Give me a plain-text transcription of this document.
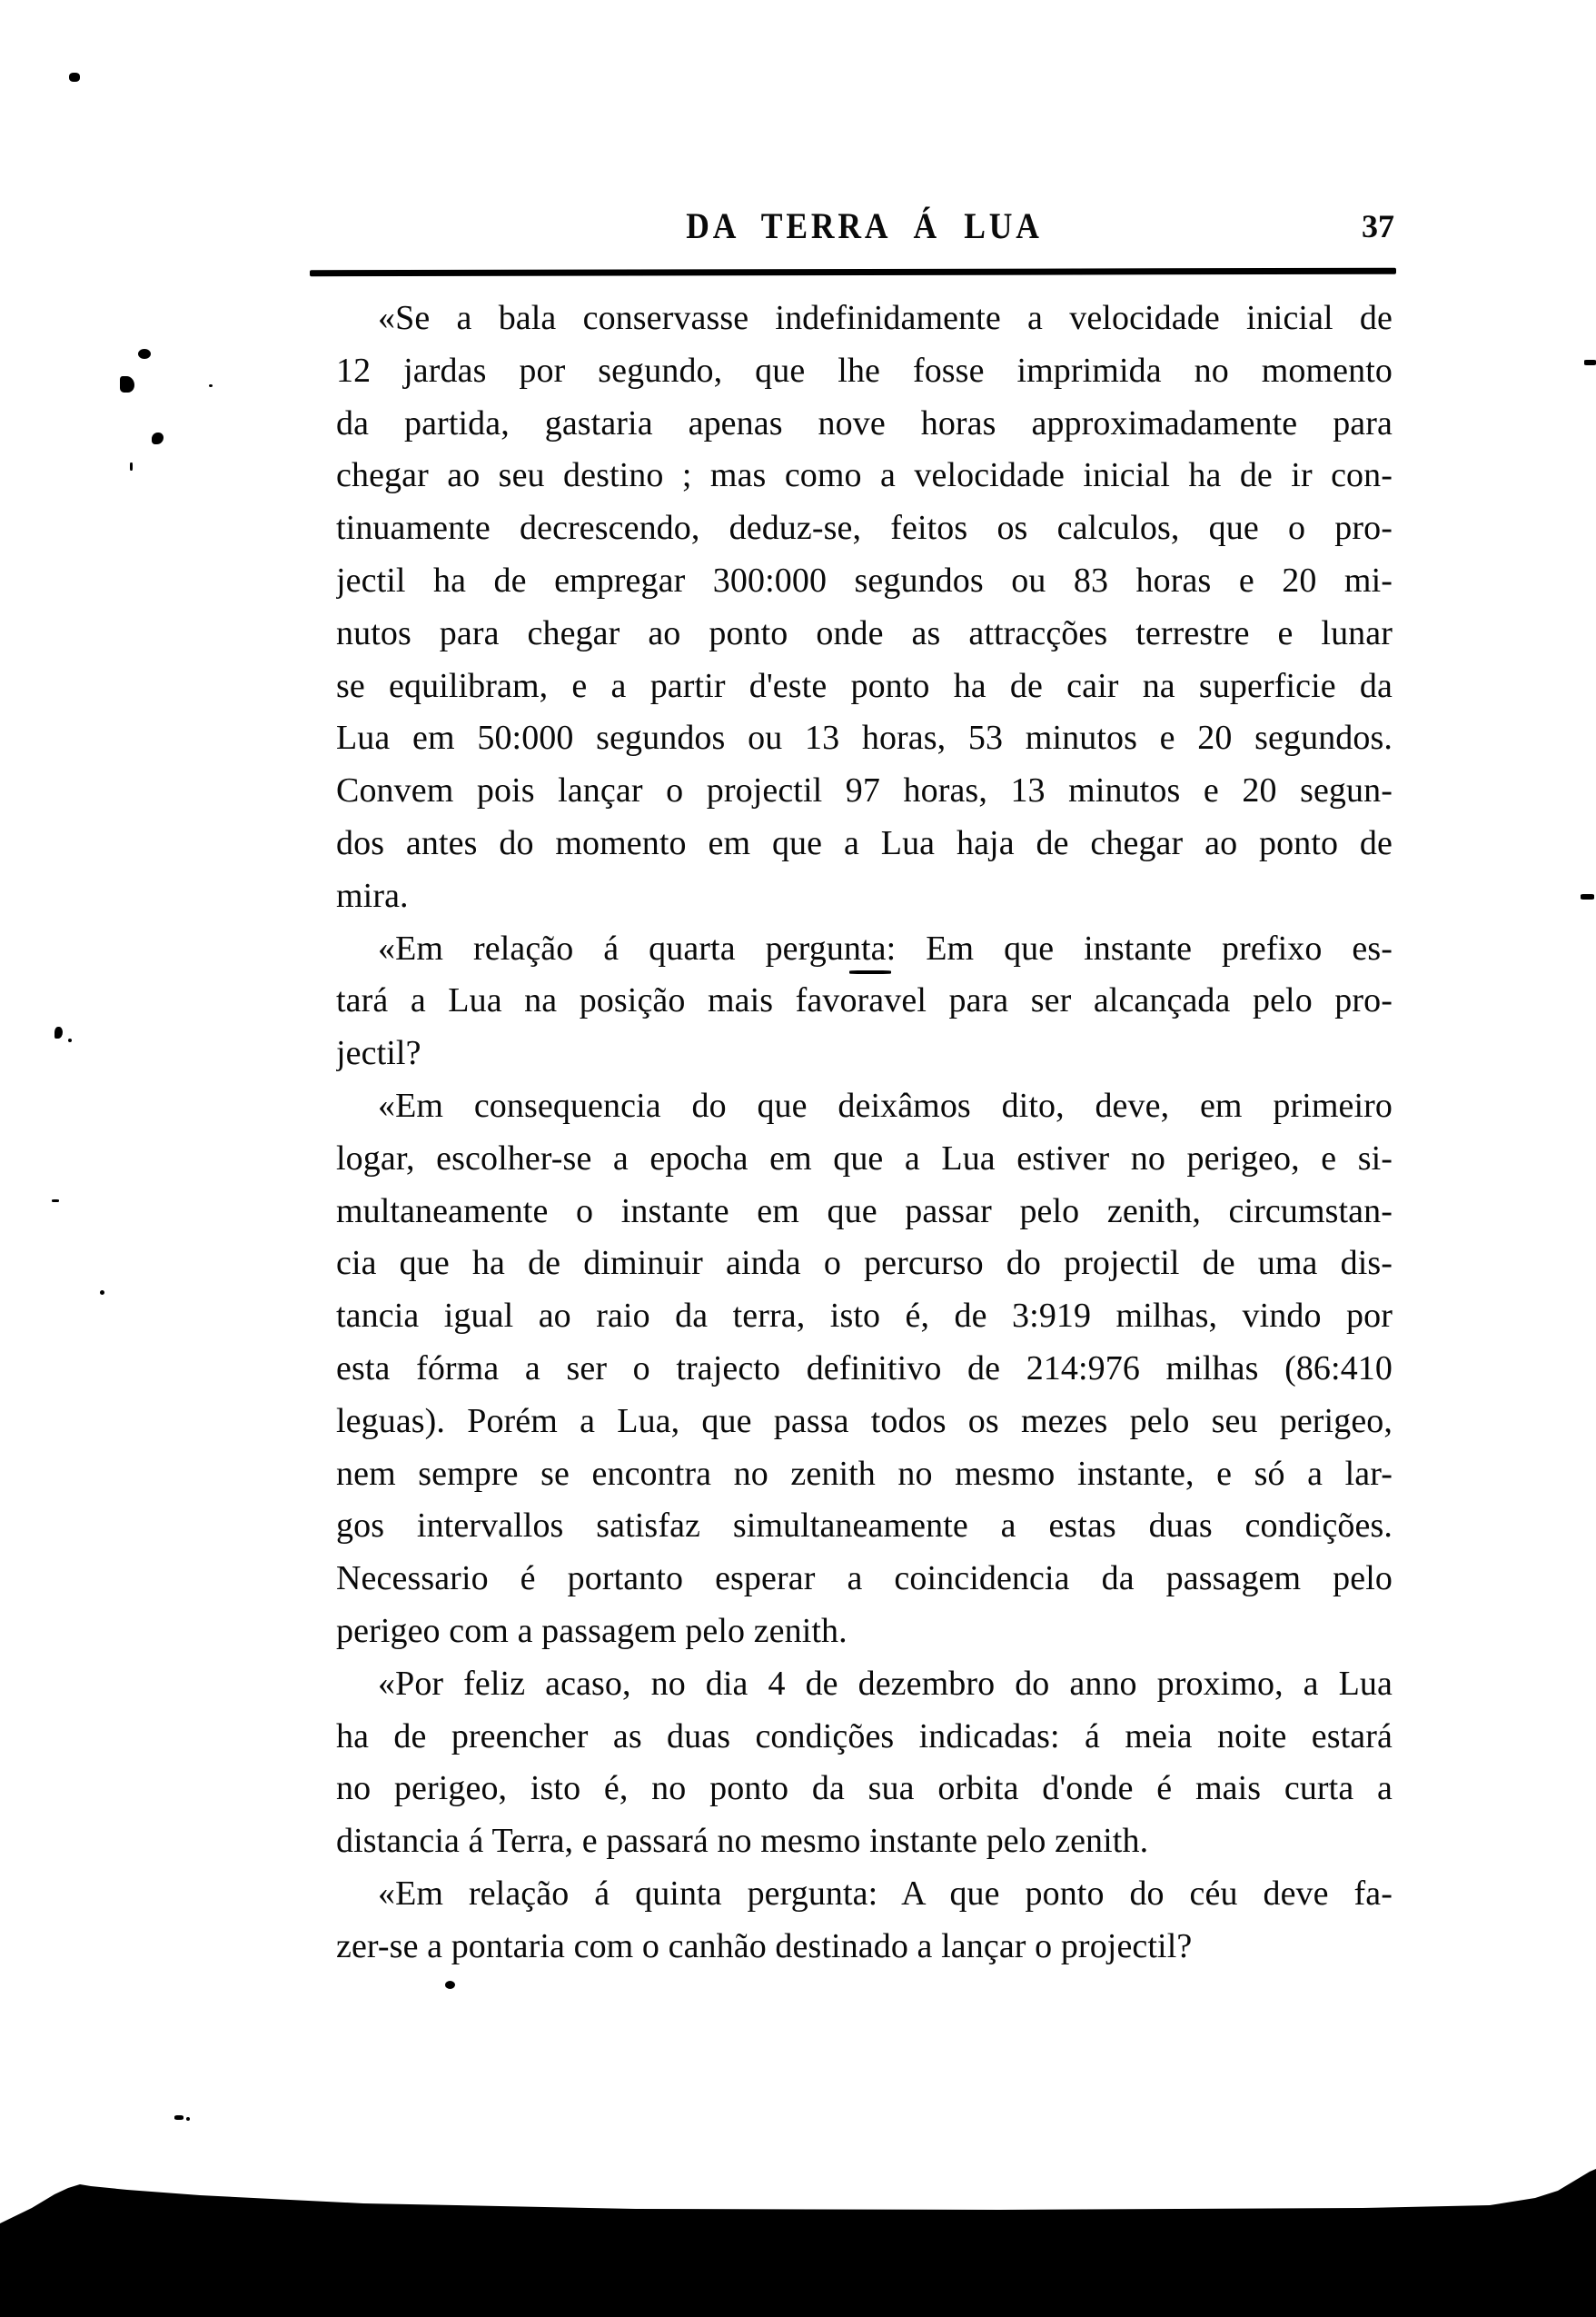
DA TERRA Á LUA	37
«Se a bala conservasse indefinidamente a velocidade inicial de
12 jardas por segundo, que lhe fosse imprimida no momento
da partida, gastaria apenas nove horas approximadamente para
chegar ao seu destino ; mas como a velocidade inicial ha de ir con-
tinuamente decrescendo, deduz-se, feitos os calculos, que o pro-
jectil ha de empregar 300:000 segundos ou 83 horas e 20 mi-
nutos para chegar ao ponto onde as attracções terrestre e lunar
se equilibram, e a partir d'este ponto ha de cair na superficie da
Lua em 50:000 segundos ou 13 horas, 53 minutos e 20 segundos.
Convem pois lançar o projectil 97 horas, 13 minutos e 20 segun-
dos antes do momento em que a Lua haja de chegar ao ponto de
mira.
«Em relação á quarta pergunta: Em que instante prefixo es-
tará a Lua na posição mais favoravel para ser alcançada pelo pro-
jectil?
«Em consequencia do que deixâmos dito, deve, em primeiro
logar, escolher-se a epocha em que a Lua estiver no perigeo, e si-
multaneamente o instante em que passar pelo zenith, circumstan-
cia que ha de diminuir ainda o percurso do projectil de uma dis-
tancia igual ao raio da terra, isto é, de 3:919 milhas, vindo por
esta fórma a ser o trajecto definitivo de 214:976 milhas (86:410
leguas). Porém a Lua, que passa todos os mezes pelo seu perigeo,
nem sempre se encontra no zenith no mesmo instante, e só a lar-
gos intervallos satisfaz simultaneamente a estas duas condições.
Necessario é portanto esperar a coincidencia da passagem pelo
perigeo com a passagem pelo zenith.
«Por feliz acaso, no dia 4 de dezembro do anno proximo, a Lua
ha de preencher as duas condições indicadas: á meia noite estará
no perigeo, isto é, no ponto da sua orbita d'onde é mais curta a
distancia á Terra, e passará no mesmo instante pelo zenith.
«Em relação á quinta pergunta: A que ponto do céu deve fa-
zer-se a pontaria com o canhão destinado a lançar o projectil?
